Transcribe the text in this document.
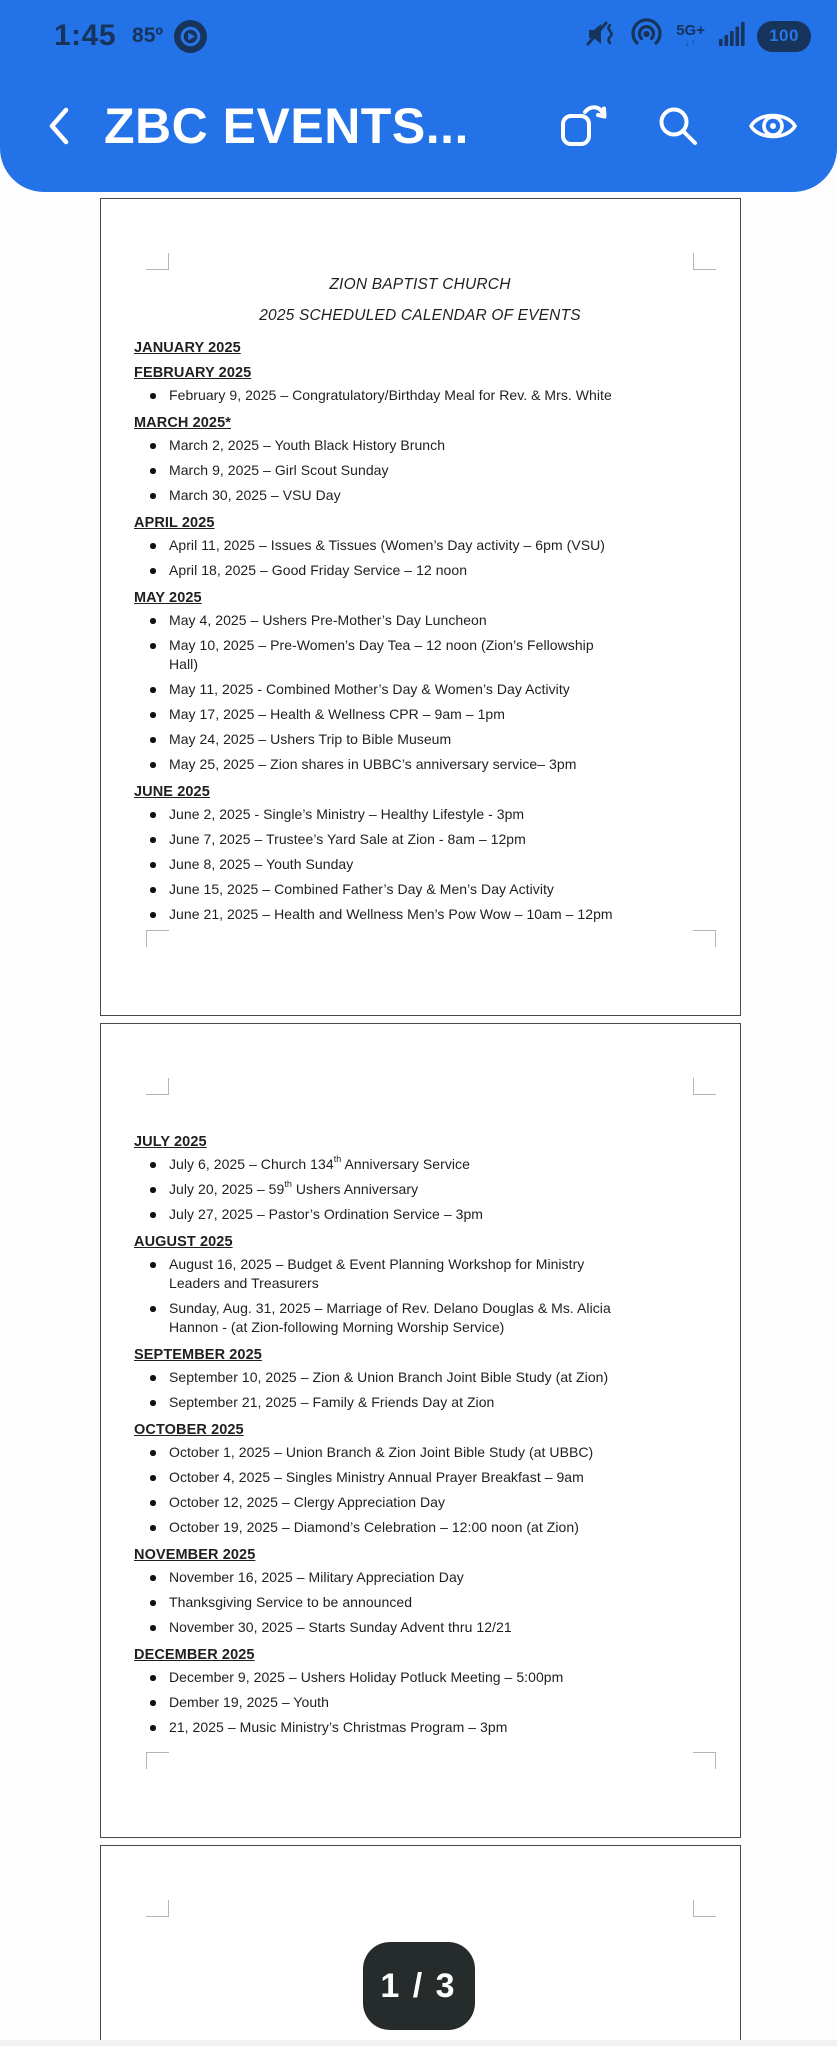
1:45 85º	5G+
↓↑	100
ZBC EVENTS...
ZION BAPTIST CHURCH
2025 SCHEDULED CALENDAR OF EVENTS
JANUARY 2025
FEBRUARY 2025
February 9, 2025 – Congratulatory/Birthday Meal for Rev. & Mrs. White
MARCH 2025*
March 2, 2025 – Youth Black History Brunch
March 9, 2025 – Girl Scout Sunday
March 30, 2025 – VSU Day
APRIL 2025
April 11, 2025 – Issues & Tissues (Women’s Day activity – 6pm (VSU)
April 18, 2025 – Good Friday Service – 12 noon
MAY 2025
May 4, 2025 – Ushers Pre-Mother’s Day Luncheon
May 10, 2025 – Pre-Women’s Day Tea – 12 noon (Zion’s Fellowship
Hall)
May 11, 2025 - Combined Mother’s Day & Women’s Day Activity
May 17, 2025 – Health & Wellness CPR – 9am – 1pm
May 24, 2025 – Ushers Trip to Bible Museum
May 25, 2025 – Zion shares in UBBC’s anniversary service– 3pm
JUNE 2025
June 2, 2025 - Single’s Ministry – Healthy Lifestyle - 3pm
June 7, 2025 – Trustee’s Yard Sale at Zion - 8am – 12pm
June 8, 2025 – Youth Sunday
June 15, 2025 – Combined Father’s Day & Men’s Day Activity
June 21, 2025 – Health and Wellness Men’s Pow Wow – 10am – 12pm
JULY 2025
July 6, 2025 – Church 134th Anniversary Service
July 20, 2025 – 59th Ushers Anniversary
July 27, 2025 – Pastor’s Ordination Service – 3pm
AUGUST 2025
August 16, 2025 – Budget & Event Planning Workshop for Ministry
Leaders and Treasurers
Sunday, Aug. 31, 2025 – Marriage of Rev. Delano Douglas & Ms. Alicia
Hannon - (at Zion-following Morning Worship Service)
SEPTEMBER 2025
September 10, 2025 – Zion & Union Branch Joint Bible Study (at Zion)
September 21, 2025 – Family & Friends Day at Zion
OCTOBER 2025
October 1, 2025 – Union Branch & Zion Joint Bible Study (at UBBC)
October 4, 2025 – Singles Ministry Annual Prayer Breakfast – 9am
October 12, 2025 – Clergy Appreciation Day
October 19, 2025 – Diamond’s Celebration – 12:00 noon (at Zion)
NOVEMBER 2025
November 16, 2025 – Military Appreciation Day
Thanksgiving Service to be announced
November 30, 2025 – Starts Sunday Advent thru 12/21
DECEMBER 2025
December 9, 2025 – Ushers Holiday Potluck Meeting – 5:00pm
Dember 19, 2025 – Youth
21, 2025 – Music Ministry’s Christmas Program – 3pm
1 / 3
